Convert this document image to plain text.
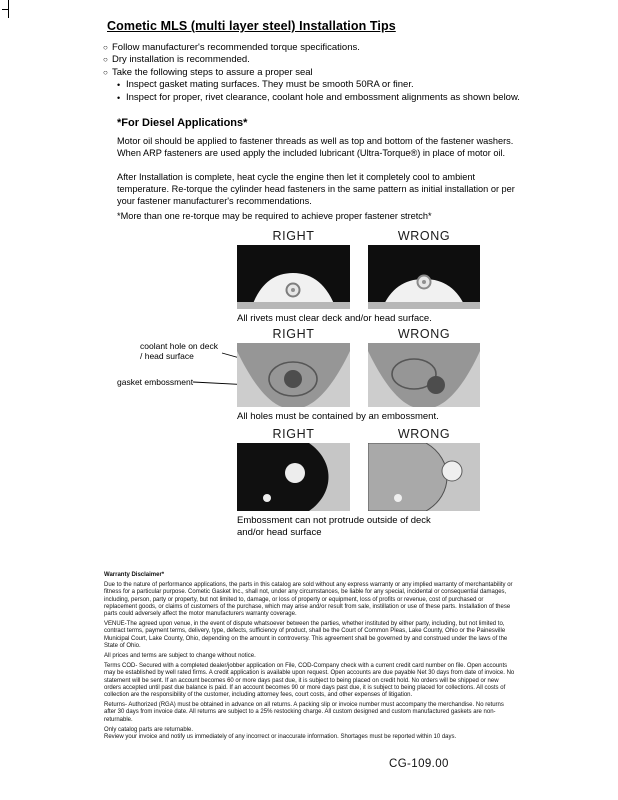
Cometic MLS (multi layer steel) Installation Tips
○ Follow manufacturer's recommended torque specifications.
○ Dry installation is recommended.
○ Take the following steps to assure a proper seal
• Inspect gasket mating surfaces. They must be smooth 50RA or finer.
• Inspect for proper, rivet clearance, coolant hole and embossment alignments as shown below.
*For Diesel Applications*
Motor oil should be applied to fastener threads as well as top and bottom of the fastener washers. When ARP fasteners are used apply the included lubricant (Ultra-Torque®) in place of motor oil.
After Installation is complete, heat cycle the engine then let it completely cool to ambient temperature. Re-torque the cylinder head fasteners in the same pattern as initial installation or per your fastener manufacturer's recommendations.
*More than one re-torque may be required to achieve proper fastener stretch*
RIGHT	WRONG
All rivets must clear deck and/or head surface.
RIGHT	WRONG
coolant hole on deck / head surface
gasket embossment
All holes must be contained by an embossment.
RIGHT	WRONG
Embossment can not protrude outside of deck and/or head surface
Warranty Disclaimer*

Due to the nature of performance applications, the parts in this catalog are sold without any express warranty or any implied warranty of merchantability or fitness for a particular purpose. Cometic Gasket Inc., shall not, under any circumstances, be liable for any special, incidental or consequential damages, including, person, party or property, but not limited to, damage, or loss of property or equipment, loss of profits or revenue, cost of purchased or replacement goods, or claims of customers of the purchase, which may arise and/or result from sale, instillation or use of these parts. Installation of these parts could adversely affect the motor manufacturers warranty coverage.

VENUE-The agreed upon venue, in the event of dispute whatsoever between the parties, whether instituted by either party, including, but not limited to, contract terms, payment terms, delivery, type, defects, sufficiency of product, shall be the Court of Common Pleas, Lake County, Ohio or the Painesville Municipal Court, Lake County, Ohio, depending on the amount in controversy. This agreement shall be governed by and construed under the laws of the State of Ohio.

All prices and terms are subject to change without notice.

Terms COD- Secured with a completed dealer/jobber application on File, COD-Company check with a current credit card number on file. Open accounts may be established by well rated firms. A credit application is available upon request. Open accounts are due payable Net 30 days from date of invoice. No statement will be sent. If an account becomes 60 or more days past due, it is subject to being placed on credit hold. No orders will be shipped or new orders accepted until past due balance is paid. If an account becomes 90 or more days past due, it is subject to being placed for collections. All costs of collection are the responsibility of the customer, including attorney fees, court costs, and other expenses of litigation.

Returns- Authorized (RGA) must be obtained in advance on all returns. A packing slip or invoice number must accompany the merchandise. No returns after 30 days from invoice date. All returns are subject to a 25% restocking charge. All custom designed and custom manufactured gaskets are non-returnable.

Only catalog parts are returnable.

Review your invoice and notify us immediately of any incorrect or inaccurate information. Shortages must be reported within 10 days.

CG-109.00
